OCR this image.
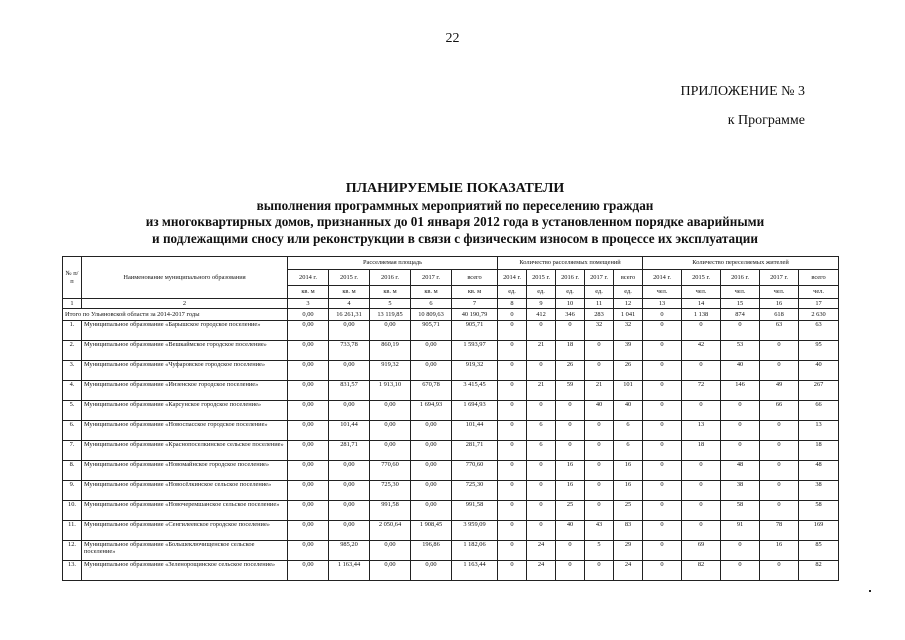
22
ПРИЛОЖЕНИЕ № 3
к Программе
ПЛАНИРУЕМЫЕ ПОКАЗАТЕЛИ
выполнения программных мероприятий по переселению граждан
из многоквартирных домов, признанных до 01 января 2012 года в установленном порядке аварийными
и подлежащими сносу или реконструкции в связи с физическим износом в процессе их эксплуатации
№ п/п	Наименование муниципального образования	Расселяемая площадь					Количество расселяемых помещений					Количество переселяемых жителей				
		2014 г.	2015 г.	2016 г.	2017 г.	всего	2014 г.	2015 г.	2016 г.	2017 г.	всего	2014 г.	2015 г.	2016 г.	2017 г.	всего
		кв. м	кв. м	кв. м	кв. м	кв. м	ед.	ед.	ед.	ед.	ед.	чел.	чел.	чел.	чел.	чел.
1	2	3	4	5	6	7	8	9	10	11	12	13	14	15	16	17
Итого по Ульяновской области за 2014-2017 годы		0,00	16 261,31	13 119,85	10 809,63	40 190,79	0	412	346	283	1 041	0	1 138	874	618	2 630
1.	Муниципальное образование «Барышское городское поселение»	0,00	0,00	0,00	905,71	905,71	0	0	0	32	32	0	0	0	63	63
2.	Муниципальное образование «Вешкаймское городское поселение»	0,00	733,78	860,19	0,00	1 593,97	0	21	18	0	39	0	42	53	0	95
3.	Муниципальное образование «Чуфаровское городское поселение»	0,00	0,00	919,32	0,00	919,32	0	0	26	0	26	0	0	40	0	40
4.	Муниципальное образование «Инзенское городское поселение»	0,00	831,57	1 913,10	670,78	3 415,45	0	21	59	21	101	0	72	146	49	267
5.	Муниципальное образование «Карсунское городское поселение»	0,00	0,00	0,00	1 694,93	1 694,93	0	0	0	40	40	0	0	0	66	66
6.	Муниципальное образование «Новоспасское городское поселение»	0,00	101,44	0,00	0,00	101,44	0	6	0	0	6	0	13	0	0	13
7.	Муниципальное образование «Краснопоселкинское сельское поселение»	0,00	281,71	0,00	0,00	281,71	0	6	0	0	6	0	18	0	0	18
8.	Муниципальное образование «Новомайнское городское поселение»	0,00	0,00	770,60	0,00	770,60	0	0	16	0	16	0	0	48	0	48
9.	Муниципальное образование «Новосёлкинское сельское поселение»	0,00	0,00	725,30	0,00	725,30	0	0	16	0	16	0	0	38	0	38
10.	Муниципальное образование «Новочеремшанское сельское поселение»	0,00	0,00	991,58	0,00	991,58	0	0	25	0	25	0	0	58	0	58
11.	Муниципальное образование «Сенгилеевское городское поселение»	0,00	0,00	2 050,64	1 908,45	3 959,09	0	0	40	43	83	0	0	91	78	169
12.	Муниципальное образование «Большеключищенское сельское поселение»	0,00	985,20	0,00	196,86	1 182,06	0	24	0	5	29	0	69	0	16	85
13.	Муниципальное образование «Зеленорощинское сельское поселение»	0,00	1 163,44	0,00	0,00	1 163,44	0	24	0	0	24	0	82	0	0	82
